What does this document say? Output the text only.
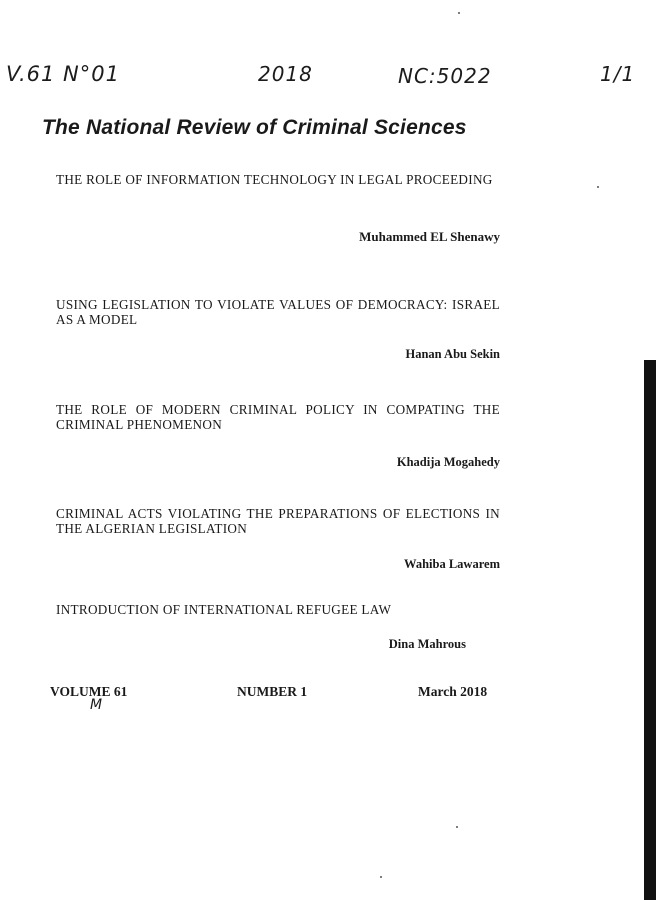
V.61 N°01	2018	NC:5022	1/1
The National Review of Criminal Sciences
THE ROLE OF INFORMATION TECHNOLOGY IN LEGAL PROCEEDING
Muhammed EL Shenawy
USING LEGISLATION TO VIOLATE VALUES OF DEMOCRACY: ISRAEL AS A MODEL
Hanan Abu Sekin
THE ROLE OF MODERN CRIMINAL POLICY IN COMPATING THE CRIMINAL PHENOMENON
Khadija Mogahedy
CRIMINAL ACTS VIOLATING THE PREPARATIONS OF ELECTIONS IN THE ALGERIAN LEGISLATION
Wahiba Lawarem
INTRODUCTION OF INTERNATIONAL REFUGEE LAW
Dina Mahrous
VOLUME 61	NUMBER 1	March 2018
M
